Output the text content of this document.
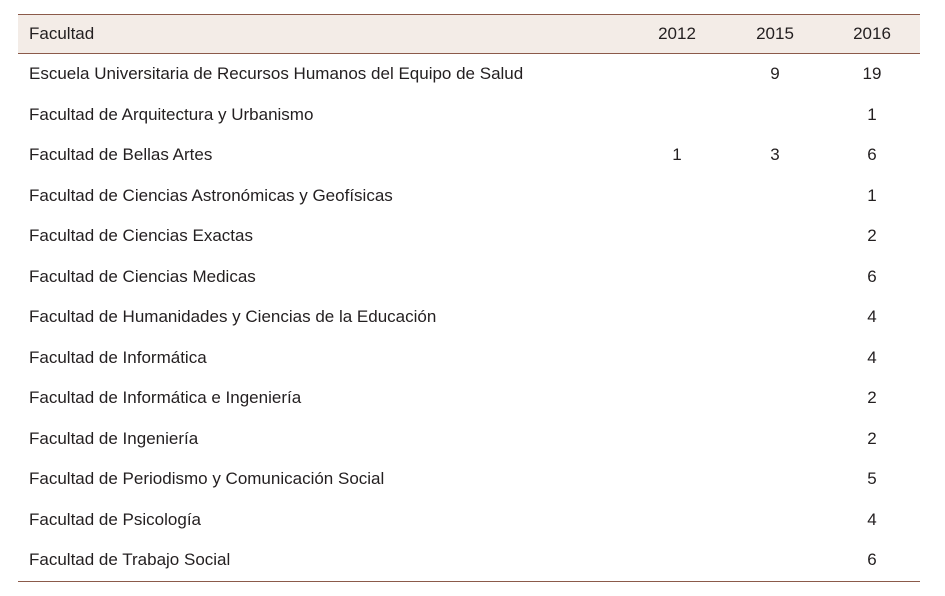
Facultad	2012	2015	2016
Escuela Universitaria de Recursos Humanos del Equipo de Salud		9	19
Facultad de Arquitectura y Urbanismo			1
Facultad de Bellas Artes	1	3	6
Facultad de Ciencias Astronómicas y Geofísicas			1
Facultad de Ciencias Exactas			2
Facultad de Ciencias Medicas			6
Facultad de Humanidades y Ciencias de la Educación			4
Facultad de Informática			4
Facultad de Informática e Ingeniería			2
Facultad de Ingeniería			2
Facultad de Periodismo y Comunicación Social			5
Facultad de Psicología			4
Facultad de Trabajo Social			6
